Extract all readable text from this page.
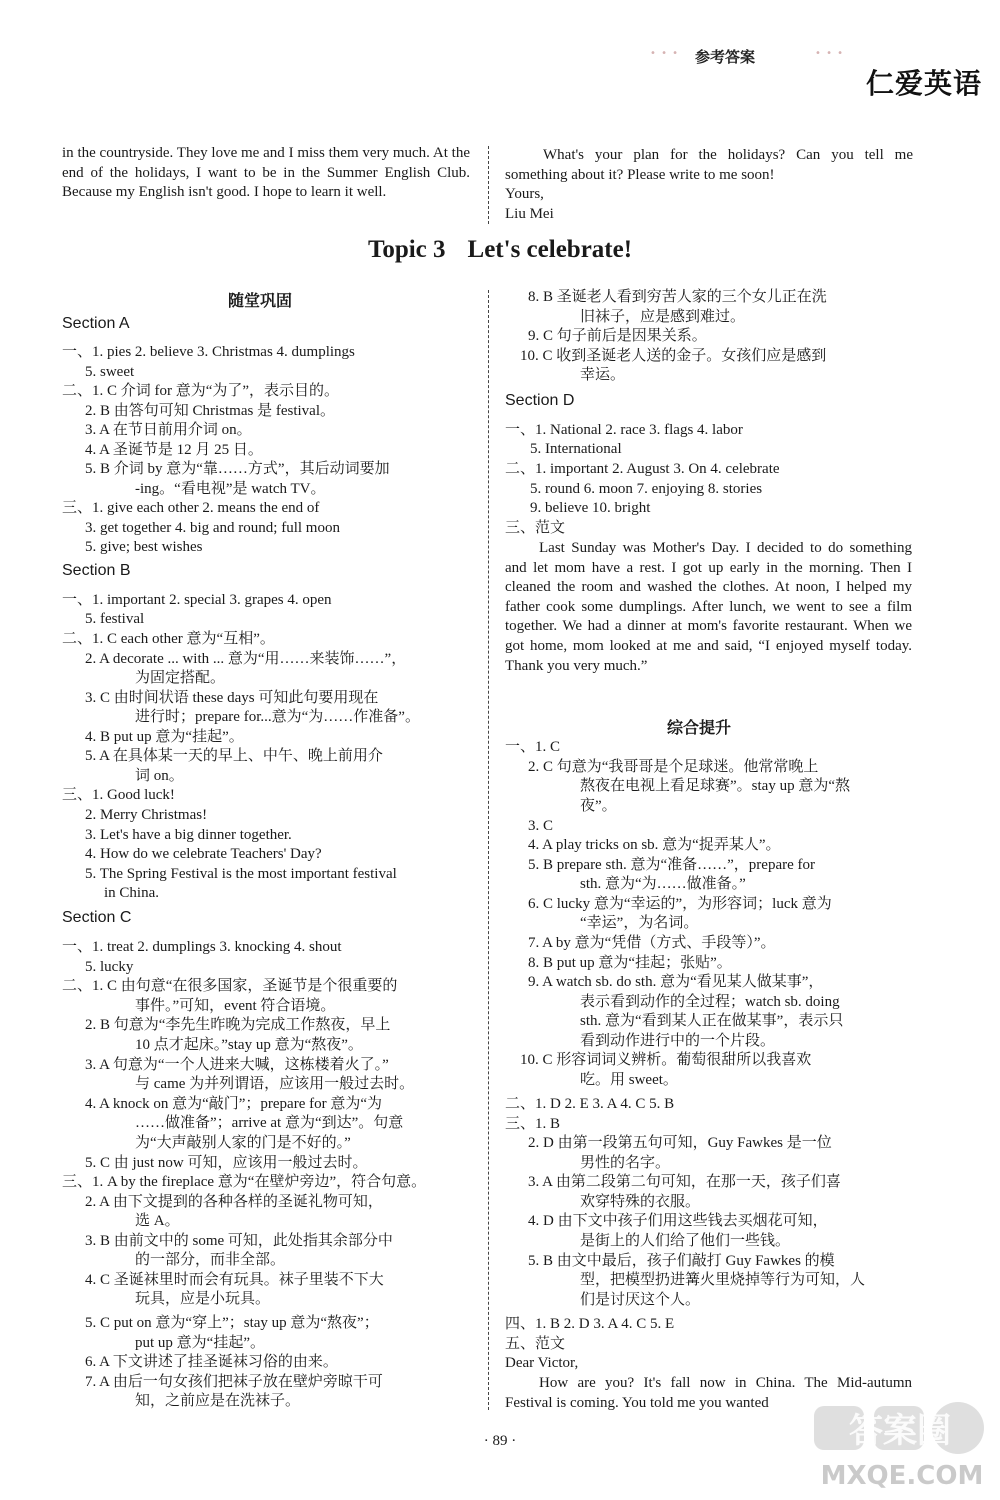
• • • 参考答案	• • •
仁爱英语

in the countryside. They love me and I miss them very much. At the end of the holidays, I want to be in the Summer English Club. Because my English isn't good. I hope to learn it well.

What's your plan for the holidays? Can you tell me something about it? Please write to me soon!

Yours,

Liu Mei

Topic 3 Let's celebrate!
随堂巩固
Section A
一、1. pies 2. believe 3. Christmas 4. dumplings
5. sweet
二、1. C 介词 for 意为“为了”，表示目的。
2. B 由答句可知 Christmas 是 festival。
3. A 在节日前用介词 on。
4. A 圣诞节是 12 月 25 日。
5. B 介词 by 意为“靠……方式”，其后动词要加
-ing。“看电视”是 watch TV。
三、1. give each other 2. means the end of
3. get together 4. big and round; full moon
5. give; best wishes
Section B
一、1. important 2. special 3. grapes 4. open
5. festival
二、1. C each other 意为“互相”。
2. A decorate ... with ... 意为“用……来装饰……”，
为固定搭配。
3. C 由时间状语 these days 可知此句要用现在
进行时；prepare for...意为“为……作准备”。
4. B put up 意为“挂起”。
5. A 在具体某一天的早上、中午、晚上前用介
词 on。
三、1. Good luck!
2. Merry Christmas!
3. Let's have a big dinner together.
4. How do we celebrate Teachers' Day?
5. The Spring Festival is the most important festival
in China.
Section C
一、1. treat 2. dumplings 3. knocking 4. shout
5. lucky
二、1. C 由句意“在很多国家，圣诞节是个很重要的
事件。”可知，event 符合语境。
2. B 句意为“李先生昨晚为完成工作熬夜，早上
10 点才起床。”stay up 意为“熬夜”。
3. A 句意为“一个人进来大喊，这栋楼着火了。”
与 came 为并列谓语，应该用一般过去时。
4. A knock on 意为“敲门”；prepare for 意为“为
……做准备”；arrive at 意为“到达”。句意
为“大声敲别人家的门是不好的。”
5. C 由 just now 可知，应该用一般过去时。
三、1. A by the fireplace 意为“在壁炉旁边”，符合句意。
2. A 由下文提到的各种各样的圣诞礼物可知，
选 A。
3. B 由前文中的 some 可知，此处指其余部分中
的一部分，而非全部。
4. C 圣诞袜里时而会有玩具。袜子里装不下大
玩具，应是小玩具。
5. C put on 意为“穿上”；stay up 意为“熬夜”；
put up 意为“挂起”。
6. A 下文讲述了挂圣诞袜习俗的由来。
7. A 由后一句女孩们把袜子放在壁炉旁晾干可
知，之前应是在洗袜子。
8. B 圣诞老人看到穷苦人家的三个女儿正在洗
旧袜子，应是感到难过。
9. C 句子前后是因果关系。
10. C 收到圣诞老人送的金子。女孩们应是感到
幸运。
Section D
一、1. National 2. race 3. flags 4. labor
5. International
二、1. important 2. August 3. On 4. celebrate
5. round 6. moon 7. enjoying 8. stories
9. believe 10. bright
三、范文

Last Sunday was Mother's Day. I decided to do something and let mom have a rest. I got up early in the morning. Then I cleaned the room and washed the clothes. At noon, I helped my father cook some dumplings. After lunch, we went to see a film together. We had a dinner at mom's favorite restaurant. When we got home, mom looked at me and said, “I enjoyed myself today. Thank you very much.”

综合提升
一、1. C
2. C 句意为“我哥哥是个足球迷。他常常晚上
熬夜在电视上看足球赛”。stay up 意为“熬
夜”。
3. C
4. A play tricks on sb. 意为“捉弄某人”。
5. B prepare sth. 意为“准备……”，prepare for
sth. 意为“为……做准备。”
6. C lucky 意为“幸运的”，为形容词；luck 意为
“幸运”，为名词。
7. A by 意为“凭借（方式、手段等）”。
8. B put up 意为“挂起；张贴”。
9. A watch sb. do sth. 意为“看见某人做某事”，
表示看到动作的全过程；watch sb. doing
sth. 意为“看到某人正在做某事”，表示只
看到动作进行中的一个片段。
10. C 形容词词义辨析。葡萄很甜所以我喜欢
吃。用 sweet。
二、1. D 2. E 3. A 4. C 5. B
三、1. B
2. D 由第一段第五句可知，Guy Fawkes 是一位
男性的名字。
3. A 由第二段第二句可知，在那一天，孩子们喜
欢穿特殊的衣服。
4. D 由下文中孩子们用这些钱去买烟花可知，
是街上的人们给了他们一些钱。
5. B 由文中最后，孩子们敲打 Guy Fawkes 的模
型，把模型扔进篝火里烧掉等行为可知，人
们是讨厌这个人。
四、1. B 2. D 3. A 4. C 5. E
五、范文
Dear Victor,

How are you? It's fall now in China. The Mid-autumn Festival is coming. You told me you wanted

· 89 ·	答案圈
MXQE.COM
